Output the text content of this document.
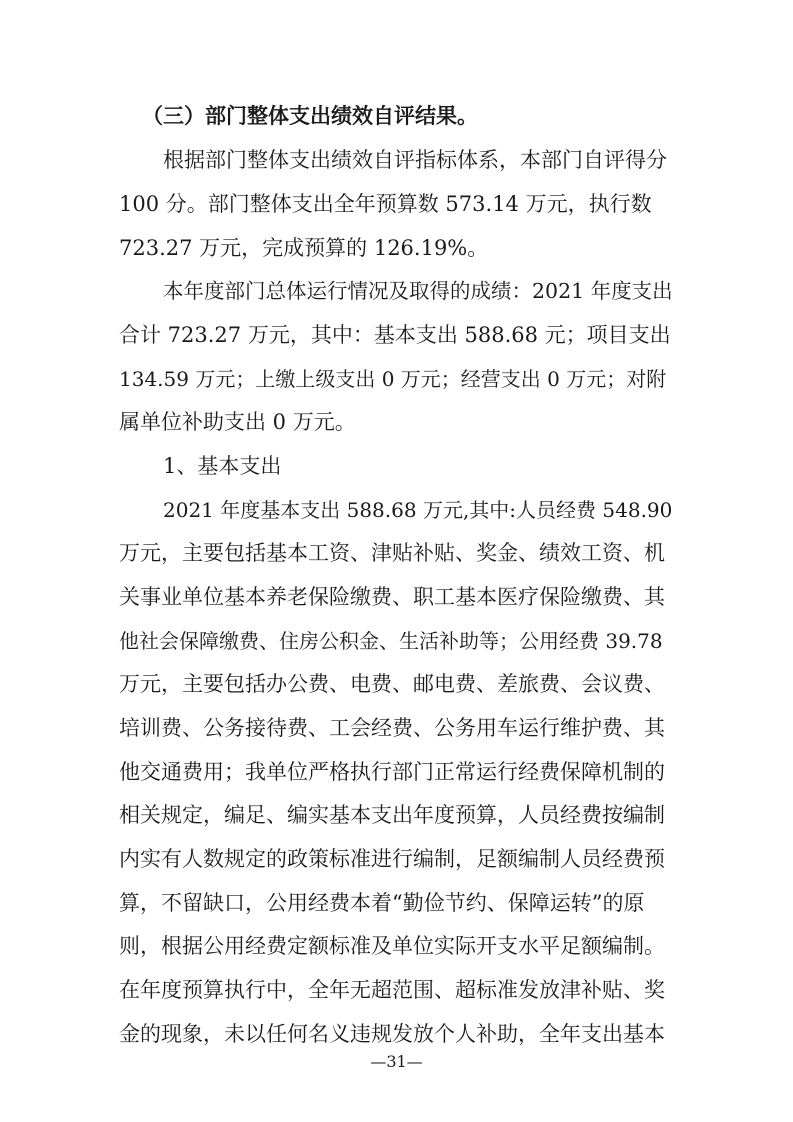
（三）部门整体支出绩效自评结果。
根据部门整体支出绩效自评指标体系，本部门自评得分
100 分。部门整体支出全年预算数 573.14 万元，执行数
723.27 万元，完成预算的 126.19%。
本年度部门总体运行情况及取得的成绩：2021 年度支出
合计 723.27 万元，其中：基本支出 588.68 元；项目支出
134.59 万元；上缴上级支出 0 万元；经营支出 0 万元；对附
属单位补助支出 0 万元。
1、基本支出
2021 年度基本支出 588.68 万元,其中:人员经费 548.90
万元，主要包括基本工资、津贴补贴、奖金、绩效工资、机
关事业单位基本养老保险缴费、职工基本医疗保险缴费、其
他社会保障缴费、住房公积金、生活补助等；公用经费 39.78
万元，主要包括办公费、电费、邮电费、差旅费、会议费、
培训费、公务接待费、工会经费、公务用车运行维护费、其
他交通费用；我单位严格执行部门正常运行经费保障机制的
相关规定，编足、编实基本支出年度预算，人员经费按编制
内实有人数规定的政策标准进行编制，足额编制人员经费预
算，不留缺口，公用经费本着“勤俭节约、保障运转”的原
则，根据公用经费定额标准及单位实际开支水平足额编制。
在年度预算执行中，全年无超范围、超标准发放津补贴、奖
金的现象，未以任何名义违规发放个人补助，全年支出基本
—31—
